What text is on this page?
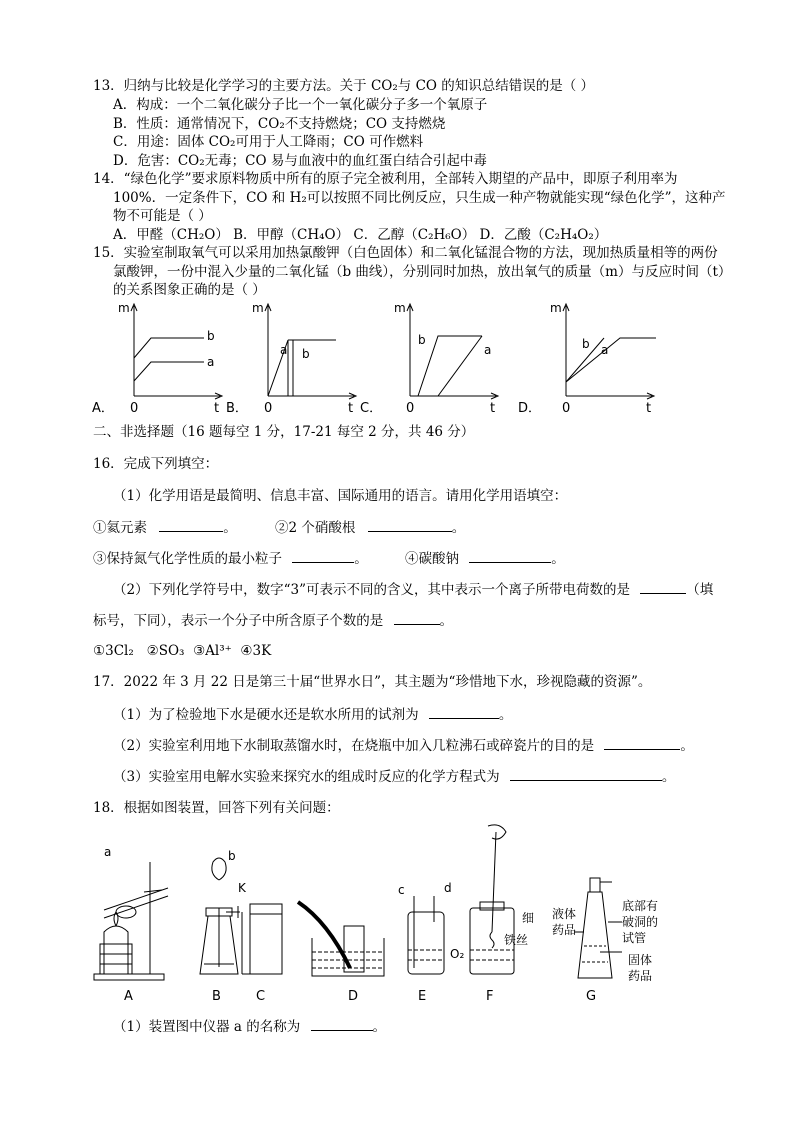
13．归纳与比较是化学学习的主要方法。关于 CO₂与 CO 的知识总结错误的是（ ）
A．构成：一个二氧化碳分子比一个一氧化碳分子多一个氧原子
B．性质：通常情况下，CO₂不支持燃烧；CO 支持燃烧
C．用途：固体 CO₂可用于人工降雨；CO 可作燃料
D．危害：CO₂无毒；CO 易与血液中的血红蛋白结合引起中毒
14．“绿色化学”要求原料物质中所有的原子完全被利用，全部转入期望的产品中，即原子利用率为
100%．一定条件下，CO 和 H₂可以按照不同比例反应，只生成一种产物就能实现“绿色化学”，这种产
物不可能是（ ）
A．甲醛（CH₂O） B．甲醇（CH₄O） C．乙醇（C₂H₆O） D．乙酸（C₂H₄O₂）
15．实验室制取氧气可以采用加热氯酸钾（白色固体）和二氧化锰混合物的方法，现加热质量相等的两份
氯酸钾，一份中混入少量的二氧化锰（b 曲线），分别同时加热，放出氧气的质量（m）与反应时间（t）
的关系图象正确的是（ ）
m
b
a
m
a b
m
b
a
m
b a
A． 0	t B． 0	t C． 0	t D． 0	t
二、非选择题（16 题每空 1 分，17-21 每空 2 分，共 46 分）
16．完成下列填空：
（1）化学用语是最简明、信息丰富、国际通用的语言。请用化学用语填空：
①氦元素	。	②2 个硝酸根	。
③保持氮气化学性质的最小粒子	。	④碳酸钠	。
（2）下列化学符号中，数字“3”可表示不同的含义，其中表示一个离子所带电荷数的是	（填
标号，下同），表示一个分子中所含原子个数的是	。
①3Cl₂ ②SO₃ ③Al³⁺ ④3K
17．2022 年 3 月 22 日是第三十届“世界水日”，其主题为“珍惜地下水，珍视隐藏的资源”。
（1）为了检验地下水是硬水还是软水所用的试剂为	。
（2）实验室利用地下水制取蒸馏水时，在烧瓶中加入几粒沸石或碎瓷片的目的是	。
（3）实验室用电解水实验来探究水的组成时反应的化学方程式为	。
18．根据如图装置，回答下列有关问题：
a	b
K	c	d
O₂
细
铁丝
液体
药品
底部有
破洞的
试管
固体
药品
A	B	C	D	E	F	G
（1）装置图中仪器 a 的名称为	。
